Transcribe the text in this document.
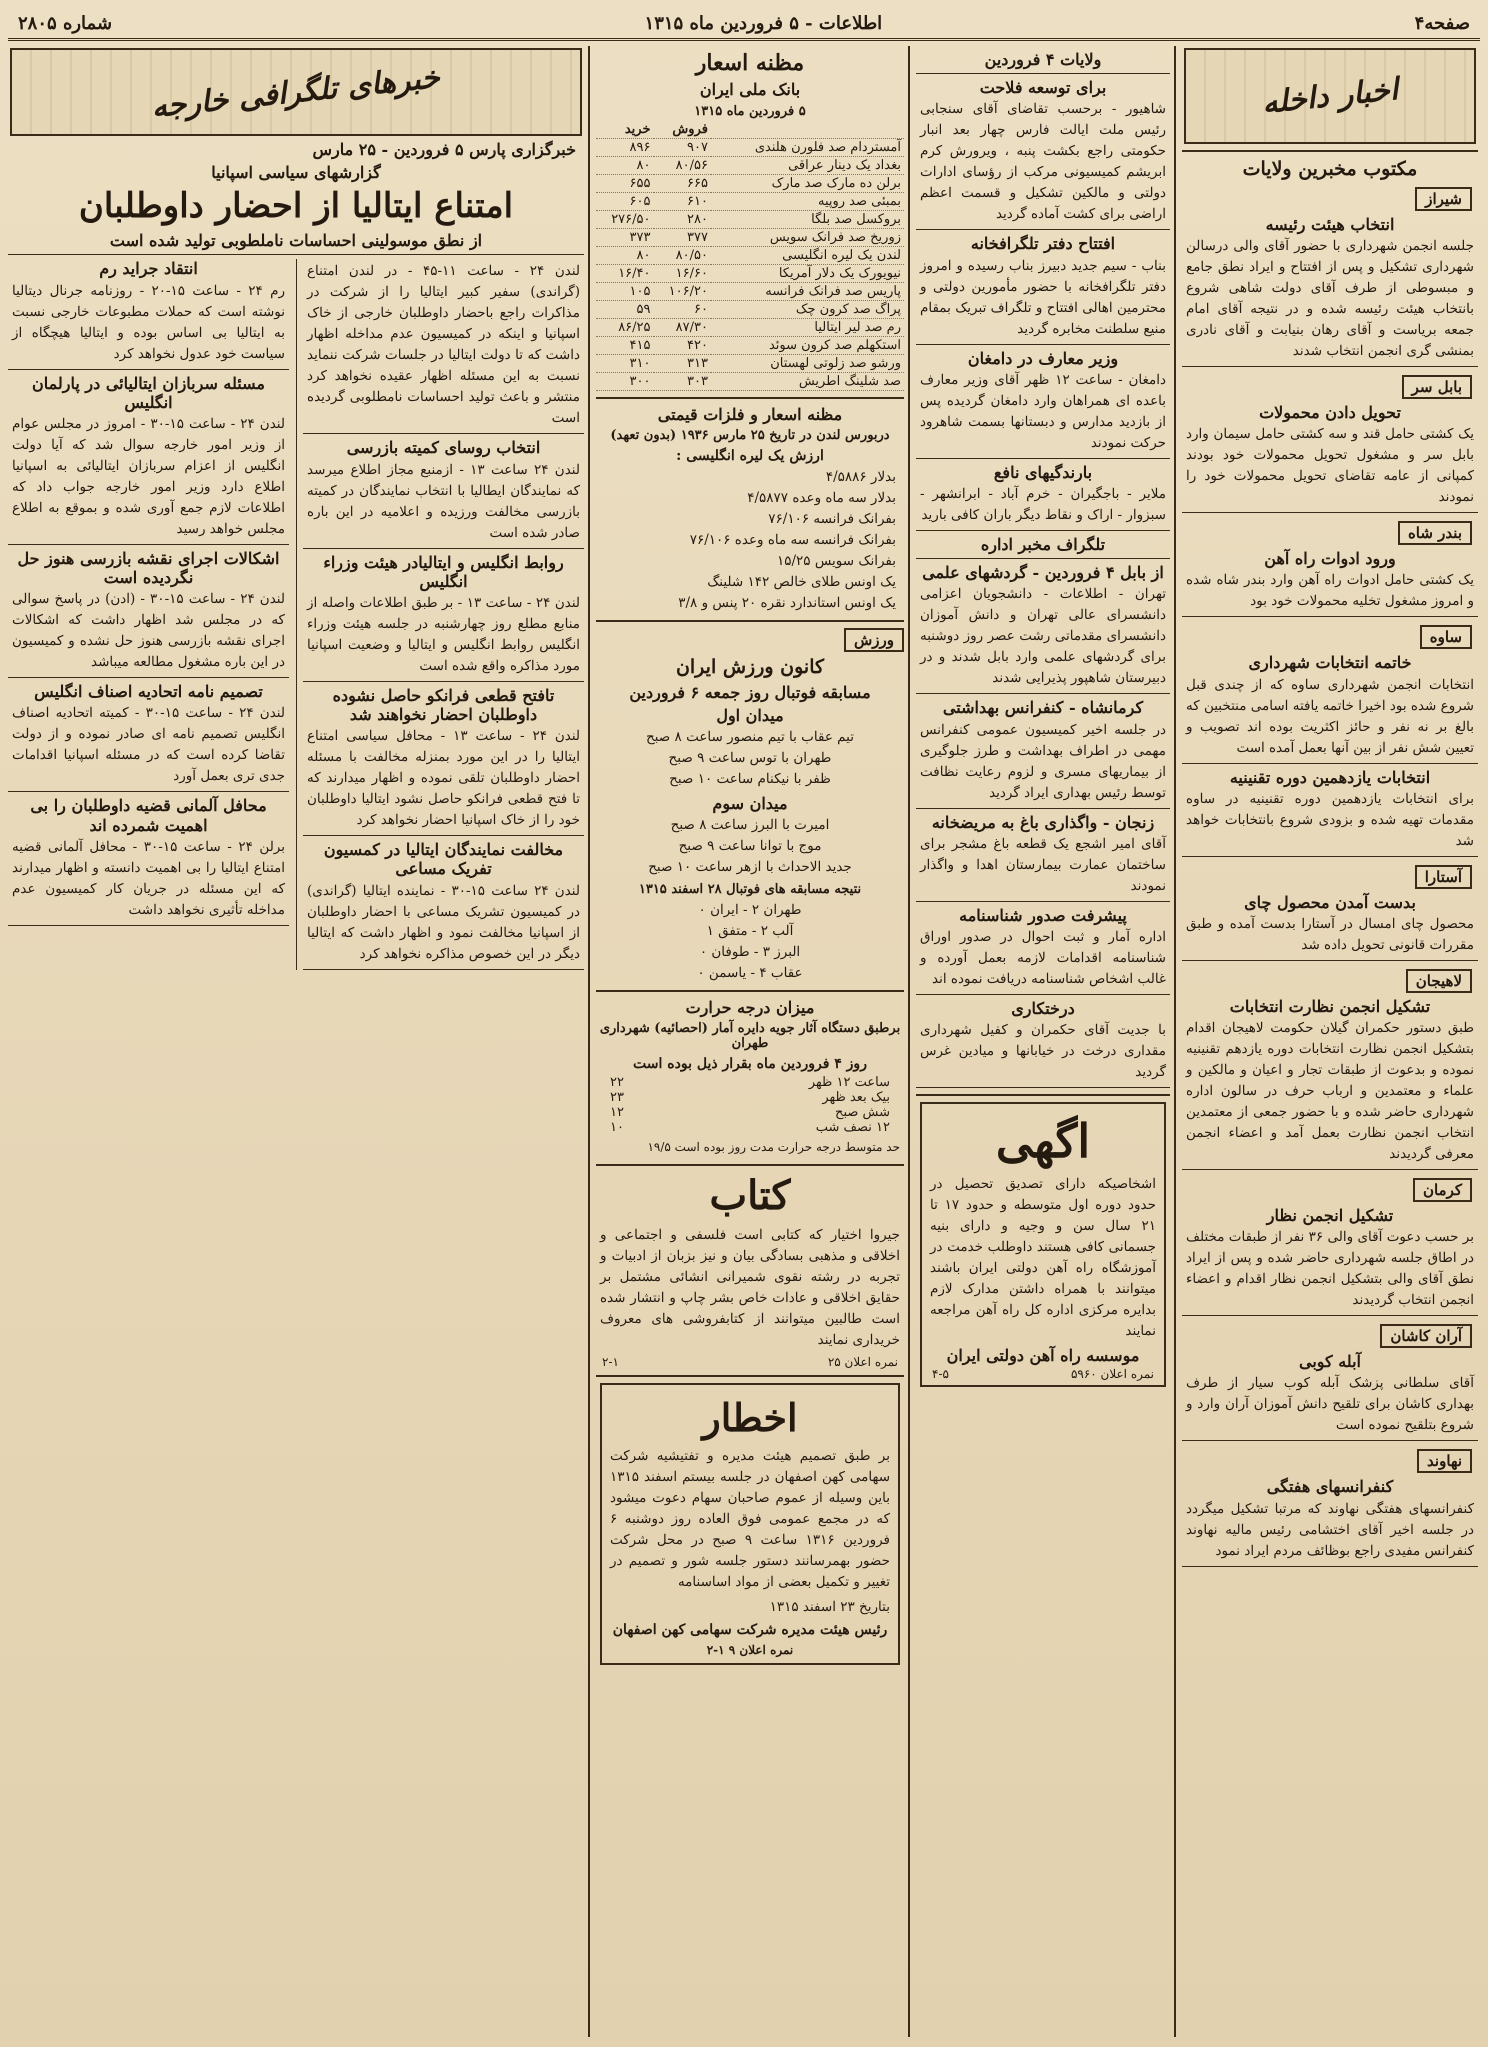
صفحه۴
اطلاعات - ۵ فروردین ماه ۱۳۱۵
شماره ۲۸۰۵
اخبار داخله
مکتوب مخبرین ولایات
شیراز
انتخاب هیئت رئیسه
جلسه انجمن شهرداری با حضور آقای والی درسالن شهرداری تشکیل و پس از افتتاح و ایراد نطق جامع و مبسوطی از طرف آقای دولت شاهی شروع بانتخاب هیئت رئیسه شده و در نتیجه آقای امام جمعه بریاست و آقای رهان بنیابت و آقای نادری بمنشی گری انجمن انتخاب شدند
بابل سر
تحویل دادن محمولات
یک کشتی حامل قند و سه کشتی حامل سیمان وارد بابل سر و مشغول تحویل محمولات خود بودند کمپانی از عامه تقاضای تحویل محمولات خود را نمودند
بندر شاه
ورود ادوات راه آهن
یک کشتی حامل ادوات راه آهن وارد بندر شاه شده و امروز مشغول تخلیه محمولات خود بود
ساوه
خاتمه انتخابات شهرداری
انتخابات انجمن شهرداری ساوه که از چندی قبل شروع شده بود اخیرا خاتمه یافته اسامی منتخبین که بالغ بر نه نفر و حائز اکثریت بوده اند تصویب و تعیین شش نفر از بین آنها بعمل آمده است
انتخابات یازدهمین دوره تقنینیه
برای انتخابات یازدهمین دوره تقنینیه در ساوه مقدمات تهیه شده و بزودی شروع بانتخابات خواهد شد
آستارا
بدست آمدن محصول چای
محصول چای امسال در آستارا بدست آمده و طبق مقررات قانونی تحویل داده شد
لاهیجان
تشکیل انجمن نظارت انتخابات
طبق دستور حکمران گیلان حکومت لاهیجان اقدام بتشکیل انجمن نظارت انتخابات دوره یازدهم تقنینیه نموده و بدعوت از طبقات تجار و اعیان و مالکین و علماء و معتمدین و ارباب حرف در سالون اداره شهرداری حاضر شده و با حضور جمعی از معتمدین انتخاب انجمن نظارت بعمل آمد و اعضاء انجمن معرفی گردیدند
کرمان
تشکیل انجمن نظار
بر حسب دعوت آقای والی ۳۶ نفر از طبقات مختلف در اطاق جلسه شهرداری حاضر شده و پس از ایراد نطق آقای والی بتشکیل انجمن نظار اقدام و اعضاء انجمن انتخاب گردیدند
آران کاشان
آبله کوبی
آقای سلطانی پزشک آبله کوب سیار از طرف بهداری کاشان برای تلقیح دانش آموزان آران وارد و شروع بتلقیح نموده است
نهاوند
کنفرانسهای هفتگی
کنفرانسهای هفتگی نهاوند که مرتبا تشکیل میگردد در جلسه اخیر آقای اختشامی رئیس مالیه نهاوند کنفرانس مفیدی راجع بوظائف مردم ایراد نمود
ولایات ۴ فروردین
برای توسعه فلاحت
شاهیور - برحسب تقاضای آقای سنجابی رئیس ملت ایالت فارس چهار بعد انبار حکومتی راجع بکشت پنبه ، ویرورش کرم ابریشم کمیسیونی مرکب از رؤسای ادارات دولتی و مالکین تشکیل و قسمت اعظم اراضی برای کشت آماده گردید
افتتاح دفتر تلگرافخانه
بناب - سیم جدید دبیرز بناب رسیده و امروز دفتر تلگرافخانه با حضور مأمورین دولتی و محترمین اهالی افتتاح و تلگراف تبریک بمقام منیع سلطنت مخابره گردید
وزیر معارف در دامغان
دامغان - ساعت ۱۲ ظهر آقای وزیر معارف باعده ای همراهان وارد دامغان گردیده پس از بازدید مدارس و دبستانها بسمت شاهرود حرکت نمودند
بارندگیهای نافع
ملایر - باجگیران - خرم آباد - ابرانشهر - سبزوار - اراک و نقاط دیگر باران کافی بارید
تلگراف مخبر اداره
از بابل ۴ فروردین - گردشهای علمی
تهران - اطلاعات - دانشجویان اعزامی دانشسرای عالی تهران و دانش آموزان دانشسرای مقدماتی رشت عصر روز دوشنبه برای گردشهای علمی وارد بابل شدند و در دبیرستان شاهپور پذیرایی شدند
کرمانشاه - کنفرانس بهداشتی
در جلسه اخیر کمیسیون عمومی کنفرانس مهمی در اطراف بهداشت و طرز جلوگیری از بیماریهای مسری و لزوم رعایت نظافت توسط رئیس بهداری ایراد گردید
زنجان - واگذاری باغ به مریضخانه
آقای امیر اشجع یک قطعه باغ مشجر برای ساختمان عمارت بیمارستان اهدا و واگذار نمودند
پیشرفت صدور شناسنامه
اداره آمار و ثبت احوال در صدور اوراق شناسنامه اقدامات لازمه بعمل آورده و غالب اشخاص شناسنامه دریافت نموده اند
درختکاری
با جدیت آقای حکمران و کفیل شهرداری مقداری درخت در خیابانها و میادین غرس گردید
اگهی
اشخاصیکه دارای تصدیق تحصیل در حدود دوره اول متوسطه و حدود ۱۷ تا ۲۱ سال سن و وجیه و دارای بنیه جسمانی کافی هستند داوطلب خدمت در آموزشگاه راه آهن دولتی ایران باشند میتوانند با همراه داشتن مدارک لازم بدایره مرکزی اداره کل راه آهن مراجعه نمایند
موسسه راه آهن دولتی ایران
نمره اعلان ۵۹۶۰
۴-۵
مظنه اسعار
بانک ملی ایران
۵ فروردین ماه ۱۳۱۵
	فروش	خرید
آمستردام صد فلورن هلندی	۹۰۷	۸۹۶
بغداد یک دینار عراقی	۸۰/۵۶	۸۰
برلن ده مارک صد مارک	۶۶۵	۶۵۵
بمبئی صد روپیه	۶۱۰	۶۰۵
بروکسل صد بلگا	۲۸۰	۲۷۶/۵۰
زوریخ صد فرانک سویس	۳۷۷	۳۷۳
لندن یک لیره انگلیسی	۸۰/۵۰	۸۰
نیویورک یک دلار آمریکا	۱۶/۶۰	۱۶/۴۰
پاریس صد فرانک فرانسه	۱۰۶/۲۰	۱۰۵
پراگ صد کرون چک	۶۰	۵۹
رم صد لیر ایتالیا	۸۷/۳۰	۸۶/۲۵
استکهلم صد کرون سوئد	۴۲۰	۴۱۵
ورشو صد زلوتی لهستان	۳۱۳	۳۱۰
صد شلینگ اطریش	۳۰۳	۳۰۰
مظنه اسعار و فلزات قیمتی
دربورس لندن در تاریخ ۲۵ مارس ۱۹۳۶ (بدون تعهد)
ارزش یک لیره انگلیسی :
بدلار ۴/۵۸۸۶
بدلار سه ماه وعده ۴/۵۸۷۷
بفرانک فرانسه ۷۶/۱۰۶
بفرانک فرانسه سه ماه وعده ۷۶/۱۰۶
بفرانک سویس ۱۵/۲۵
یک اونس طلای خالص ۱۴۲ شلینگ
یک اونس استاندارد نقره ۲۰ پنس و ۳/۸
ورزش
کانون ورزش ایران
مسابقه فوتبال روز جمعه ۶ فروردین
میدان اول
تیم عقاب با تیم منصور ساعت ۸ صبح
طهران با توس ساعت ۹ صبح
ظفر با نیکنام ساعت ۱۰ صبح
میدان سوم
امیرت با البرز ساعت ۸ صبح
موج با توانا ساعت ۹ صبح
جدید الاحداث با ازهر ساعت ۱۰ صبح
نتیجه مسابقه های فوتبال ۲۸ اسفند ۱۳۱۵
طهران ۲ - ایران ۰
آلب ۲ - متفق ۱
البرز ۳ - طوفان ۰
عقاب ۴ - یاسمن ۰
میزان درجه حرارت
برطبق دستگاه آثار جویه دایره آمار (احصائیه) شهرداری طهران
روز ۴ فروردین ماه بقرار ذیل بوده است
ساعت ۱۲ ظهر
۲۲
بیک بعد ظهر
۲۳
شش صبح
۱۲
۱۲ نصف شب
۱۰
حد متوسط درجه حرارت مدت روز بوده است ۱۹/۵
کتاب
جیروا اختیار که کتابی است فلسفی و اجتماعی و اخلاقی و مذهبی بسادگی بیان و نیز بزبان از ادبیات و تجربه در رشته نقوی شمیرانی انشائی مشتمل بر حقایق اخلاقی و عادات خاص بشر چاپ و انتشار شده است طالبین میتوانند از کتابفروشی های معروف خریداری نمایند
نمره اعلان ۲۵
۲-۱
اخطار
بر طبق تصمیم هیئت مدیره و تفتیشیه شرکت سهامی کهن اصفهان در جلسه بیستم اسفند ۱۳۱۵ باین وسیله از عموم صاحبان سهام دعوت میشود که در مجمع عمومی فوق العاده روز دوشنبه ۶ فروردین ۱۳۱۶ ساعت ۹ صبح در محل شرکت حضور بهمرسانند دستور جلسه شور و تصمیم در تغییر و تکمیل بعضی از مواد اساسنامه
بتاریخ ۲۳ اسفند ۱۳۱۵
رئیس هیئت مدیره شرکت سهامی کهن اصفهان
نمره اعلان ۹ ۱-۲
خبرهای تلگرافی خارجه
خبرگزاری پارس ۵ فروردین - ۲۵ مارس
گزارشهای سیاسی اسپانیا
امتناع ایتالیا از احضار داوطلبان
از نطق موسولینی احساسات ناملطوبی تولید شده است
لندن ۲۴ - ساعت ۱۱-۴۵ - در لندن امتناع (گراندی) سفیر کبیر ایتالیا را از شرکت در مذاکرات راجع باحضار داوطلبان خارجی از خاک اسپانیا و اینکه در کمیسیون عدم مداخله اظهار داشت که تا دولت ایتالیا در جلسات شرکت ننماید نسبت به این مسئله اظهار عقیده نخواهد کرد منتشر و باعث تولید احساسات نامطلوبی گردیده است
انتخاب روسای کمیته بازرسی
لندن ۲۴ ساعت ۱۳ - ازمنبع مجاز اطلاع میرسد که نمایندگان ایطالیا با انتخاب نمایندگان در کمیته بازرسی مخالفت ورزیده و اعلامیه در این باره صادر شده است
روابط انگلیس و ایتالیادر هیئت وزراء انگلیس
لندن ۲۴ - ساعت ۱۳ - بر طبق اطلاعات واصله از منابع مطلع روز چهارشنبه در جلسه هیئت وزراء انگلیس روابط انگلیس و ایتالیا و وضعیت اسپانیا مورد مذاکره واقع شده است
تافتح قطعی فرانکو حاصل نشوده داوطلبان احضار نخواهند شد
لندن ۲۴ - ساعت ۱۳ - محافل سیاسی امتناع ایتالیا را در این مورد بمنزله مخالفت با مسئله احضار داوطلبان تلقی نموده و اظهار میدارند که تا فتح قطعی فرانکو حاصل نشود ایتالیا داوطلبان خود را از خاک اسپانیا احضار نخواهد کرد
مخالفت نمایندگان ایتالیا در کمسیون تفریک مساعی
لندن ۲۴ ساعت ۱۵-۳۰ - نماینده ایتالیا (گراندی) در کمیسیون تشریک مساعی با احضار داوطلبان از اسپانیا مخالفت نمود و اظهار داشت که ایتالیا دیگر در این خصوص مذاکره نخواهد کرد
انتقاد جراید رم
رم ۲۴ - ساعت ۱۵-۲۰ - روزنامه جرنال دیتالیا نوشته است که حملات مطبوعات خارجی نسبت به ایتالیا بی اساس بوده و ایتالیا هیچگاه از سیاست خود عدول نخواهد کرد
مسئله سربازان ایتالیائی در پارلمان انگلیس
لندن ۲۴ - ساعت ۱۵-۳۰ - امروز در مجلس عوام از وزیر امور خارجه سوال شد که آیا دولت انگلیس از اعزام سربازان ایتالیائی به اسپانیا اطلاع دارد وزیر امور خارجه جواب داد که اطلاعات لازم جمع آوری شده و بموقع به اطلاع مجلس خواهد رسید
اشکالات اجرای نقشه بازرسی هنوز حل نگردیده است
لندن ۲۴ - ساعت ۱۵-۳۰ - (ادن) در پاسخ سوالی که در مجلس شد اظهار داشت که اشکالات اجرای نقشه بازرسی هنوز حل نشده و کمیسیون در این باره مشغول مطالعه میباشد
تصمیم نامه اتحادیه اصناف انگلیس
لندن ۲۴ - ساعت ۱۵-۳۰ - کمیته اتحادیه اصناف انگلیس تصمیم نامه ای صادر نموده و از دولت تقاضا کرده است که در مسئله اسپانیا اقدامات جدی تری بعمل آورد
محافل آلمانی قضیه داوطلبان را بی اهمیت شمرده اند
برلن ۲۴ - ساعت ۱۵-۳۰ - محافل آلمانی قضیه امتناع ایتالیا را بی اهمیت دانسته و اظهار میدارند که این مسئله در جریان کار کمیسیون عدم مداخله تأثیری نخواهد داشت
